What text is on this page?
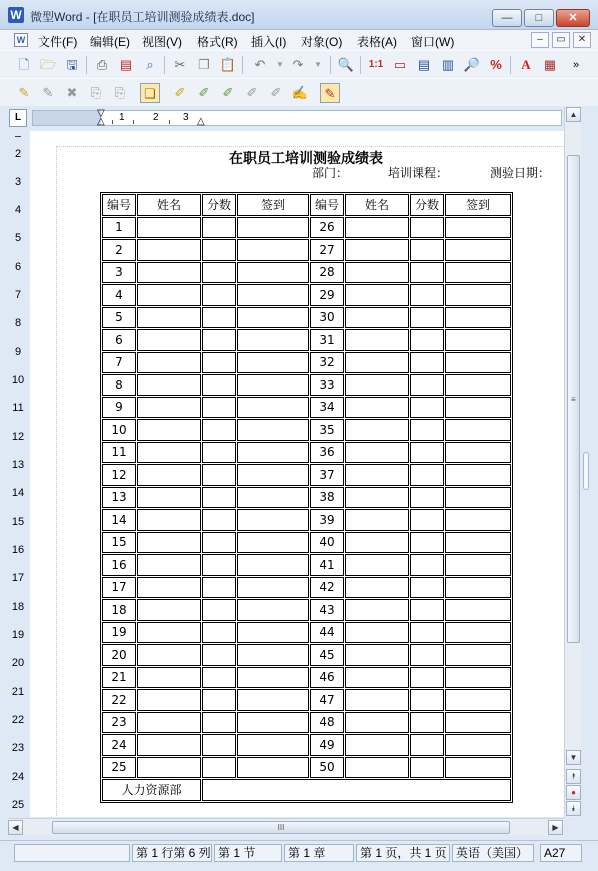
W 微型Word - [在职员工培训测验成绩表.doc]	—	□	✕
W 文件(F) 编辑(E) 视图(V) 格式(R) 插入(I) 对象(O) 表格(A) 窗口(W)	–	▭	✕
🗋 🗁 🖫	⎙ ▤	⌕	✂ ❐ 📋	↶	▼ ↷	▼	🔍 1:1 ▭ ▤ ▥ 🔎 %	A	▦	»
✎	✎	✖	⎘	⎘	❏	✐	✐	✐	✐	✐ ✍	✎
L	▽
△ 1	2 3 △
2
3
4
5
6
7
8
9
10
11
12
13
14
15
16
17
18
19
20
21
22
23
24
25
在职员工培训测验成绩表
部门：	培训课程：	测验日期：
编号	姓名	分数	签到	编号	姓名	分数	签到
1				26			
2				27			
3				28			
4				29			
5				30			
6				31			
7				32			
8				33			
9				34			
10				35			
11				36			
12				37			
13				38			
14				39			
15				40			
16				41			
17				42			
18				43			
19				44			
20				45			
21				46			
22				47			
23				48			
24				49			
25				50			
人力资源部							
▲
≡
▼
⯭
●
⯯
◀	III	▶
第 1 行第 6 列 第 1 节	第 1 章	第 1 页，共 1 页 英语（美国）	A27
